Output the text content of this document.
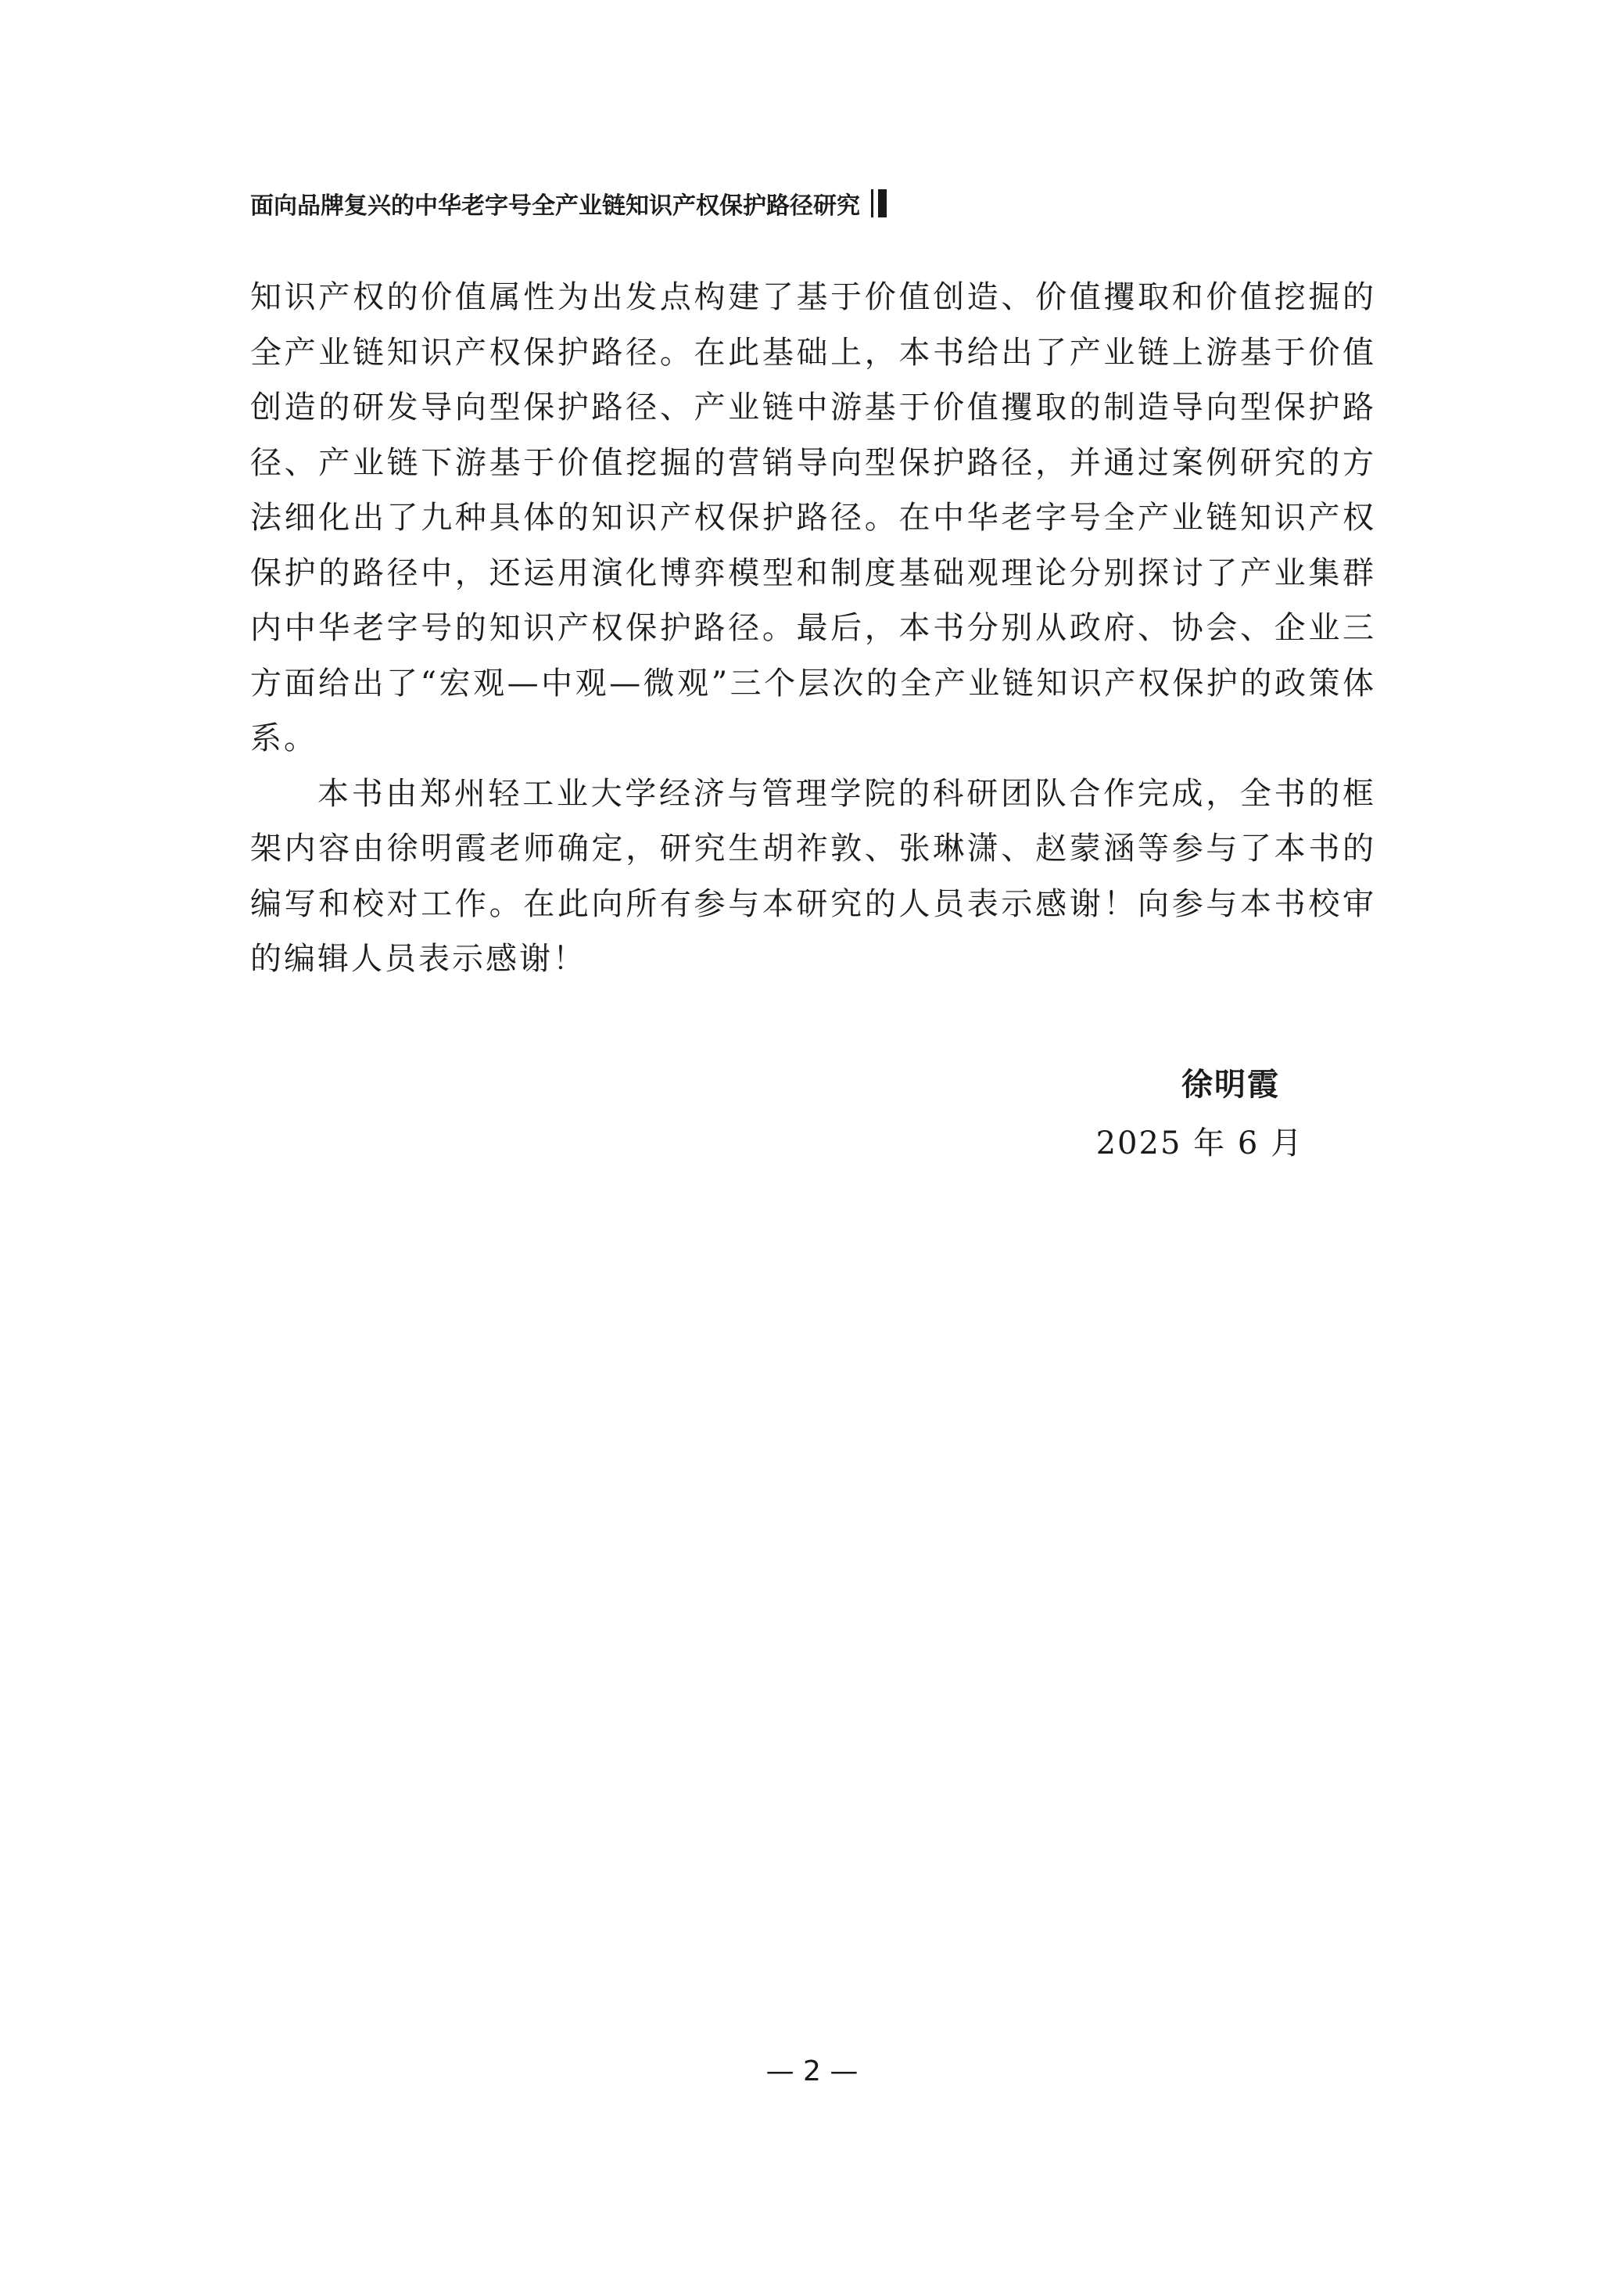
面向品牌复兴的中华老字号全产业链知识产权保护路径研究

知识产权的价值属性为出发点构建了基于价值创造、价值攫取和价值挖掘的全产业链知识产权保护路径。在此基础上，本书给出了产业链上游基于价值创造的研发导向型保护路径、产业链中游基于价值攫取的制造导向型保护路径、产业链下游基于价值挖掘的营销导向型保护路径，并通过案例研究的方法细化出了九种具体的知识产权保护路径。在中华老字号全产业链知识产权保护的路径中，还运用演化博弈模型和制度基础观理论分别探讨了产业集群内中华老字号的知识产权保护路径。最后，本书分别从政府、协会、企业三方面给出了“宏观—中观—微观”三个层次的全产业链知识产权保护的政策体系。

本书由郑州轻工业大学经济与管理学院的科研团队合作完成，全书的框架内容由徐明霞老师确定，研究生胡祚敦、张琳潇、赵蒙涵等参与了本书的编写和校对工作。在此向所有参与本研究的人员表示感谢！向参与本书校审的编辑人员表示感谢！

徐明霞
2025 年 6 月
— 2 —
